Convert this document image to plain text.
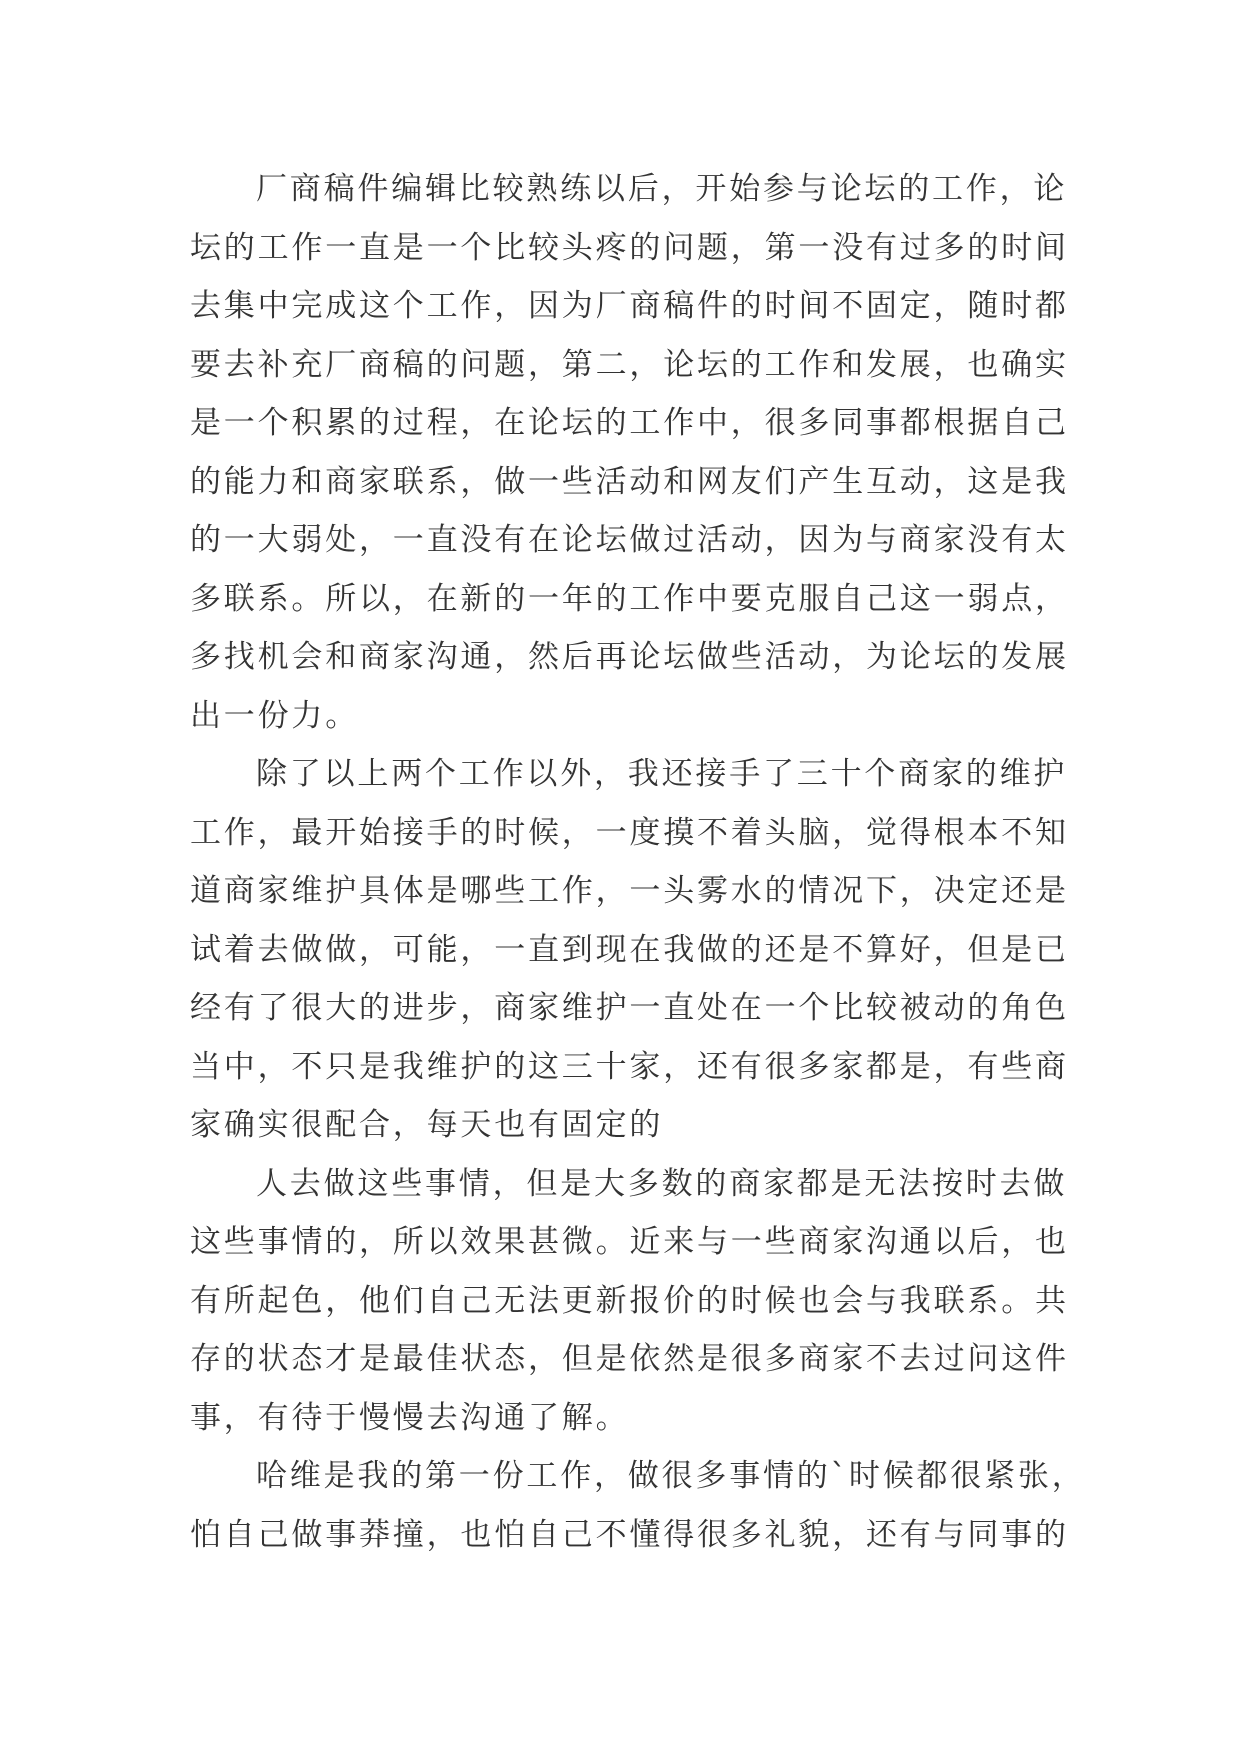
厂商稿件编辑比较熟练以后，开始参与论坛的工作，论
坛的工作一直是一个比较头疼的问题，第一没有过多的时间
去集中完成这个工作，因为厂商稿件的时间不固定，随时都
要去补充厂商稿的问题，第二，论坛的工作和发展，也确实
是一个积累的过程，在论坛的工作中，很多同事都根据自己
的能力和商家联系，做一些活动和网友们产生互动，这是我
的一大弱处，一直没有在论坛做过活动，因为与商家没有太
多联系。所以，在新的一年的工作中要克服自己这一弱点，
多找机会和商家沟通，然后再论坛做些活动，为论坛的发展
出一份力。
除了以上两个工作以外，我还接手了三十个商家的维护
工作，最开始接手的时候，一度摸不着头脑，觉得根本不知
道商家维护具体是哪些工作，一头雾水的情况下，决定还是
试着去做做，可能，一直到现在我做的还是不算好，但是已
经有了很大的进步，商家维护一直处在一个比较被动的角色
当中，不只是我维护的这三十家，还有很多家都是，有些商
家确实很配合，每天也有固定的
人去做这些事情，但是大多数的商家都是无法按时去做
这些事情的，所以效果甚微。近来与一些商家沟通以后，也
有所起色，他们自己无法更新报价的时候也会与我联系。共
存的状态才是最佳状态，但是依然是很多商家不去过问这件
事，有待于慢慢去沟通了解。
哈维是我的第一份工作，做很多事情的`时候都很紧张，
怕自己做事莽撞，也怕自己不懂得很多礼貌，还有与同事的
